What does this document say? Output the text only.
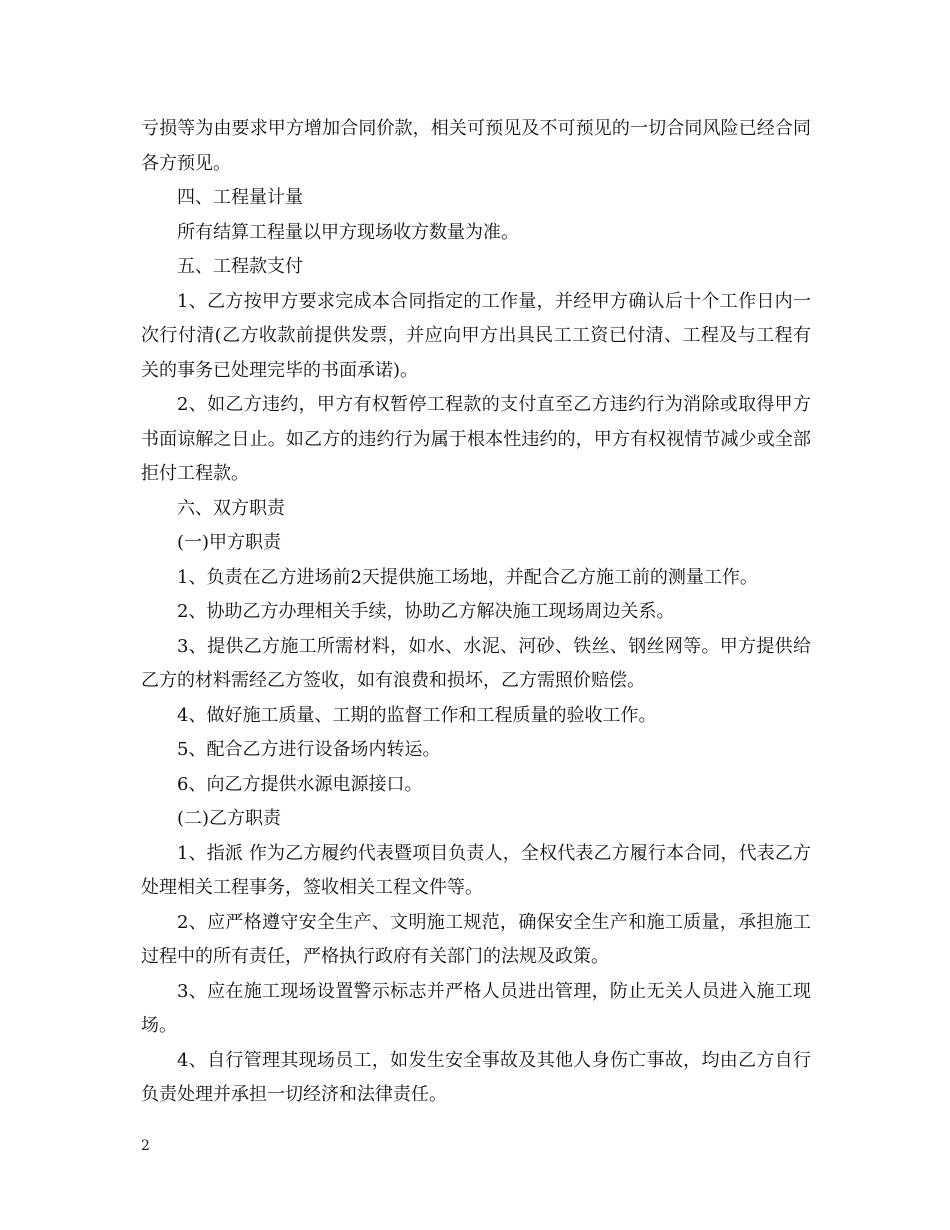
亏损等为由要求甲方增加合同价款，相关可预见及不可预见的一切合同风险已经合同各方预见。

四、工程量计量

所有结算工程量以甲方现场收方数量为准。

五、工程款支付

1、乙方按甲方要求完成本合同指定的工作量，并经甲方确认后十个工作日内一次行付清(乙方收款前提供发票，并应向甲方出具民工工资已付清、工程及与工程有关的事务已处理完毕的书面承诺)。

2、如乙方违约，甲方有权暂停工程款的支付直至乙方违约行为消除或取得甲方书面谅解之日止。如乙方的违约行为属于根本性违约的，甲方有权视情节减少或全部拒付工程款。

六、双方职责

(一)甲方职责

1、负责在乙方进场前2天提供施工场地，并配合乙方施工前的测量工作。

2、协助乙方办理相关手续，协助乙方解决施工现场周边关系。

3、提供乙方施工所需材料，如水、水泥、河砂、铁丝、钢丝网等。甲方提供给乙方的材料需经乙方签收，如有浪费和损坏，乙方需照价赔偿。

4、做好施工质量、工期的监督工作和工程质量的验收工作。

5、配合乙方进行设备场内转运。

6、向乙方提供水源电源接口。

(二)乙方职责

1、指派 作为乙方履约代表暨项目负责人，全权代表乙方履行本合同，代表乙方处理相关工程事务，签收相关工程文件等。

2、应严格遵守安全生产、文明施工规范，确保安全生产和施工质量，承担施工过程中的所有责任，严格执行政府有关部门的法规及政策。

3、应在施工现场设置警示标志并严格人员进出管理，防止无关人员进入施工现场。

4、自行管理其现场员工，如发生安全事故及其他人身伤亡事故，均由乙方自行负责处理并承担一切经济和法律责任。

2
